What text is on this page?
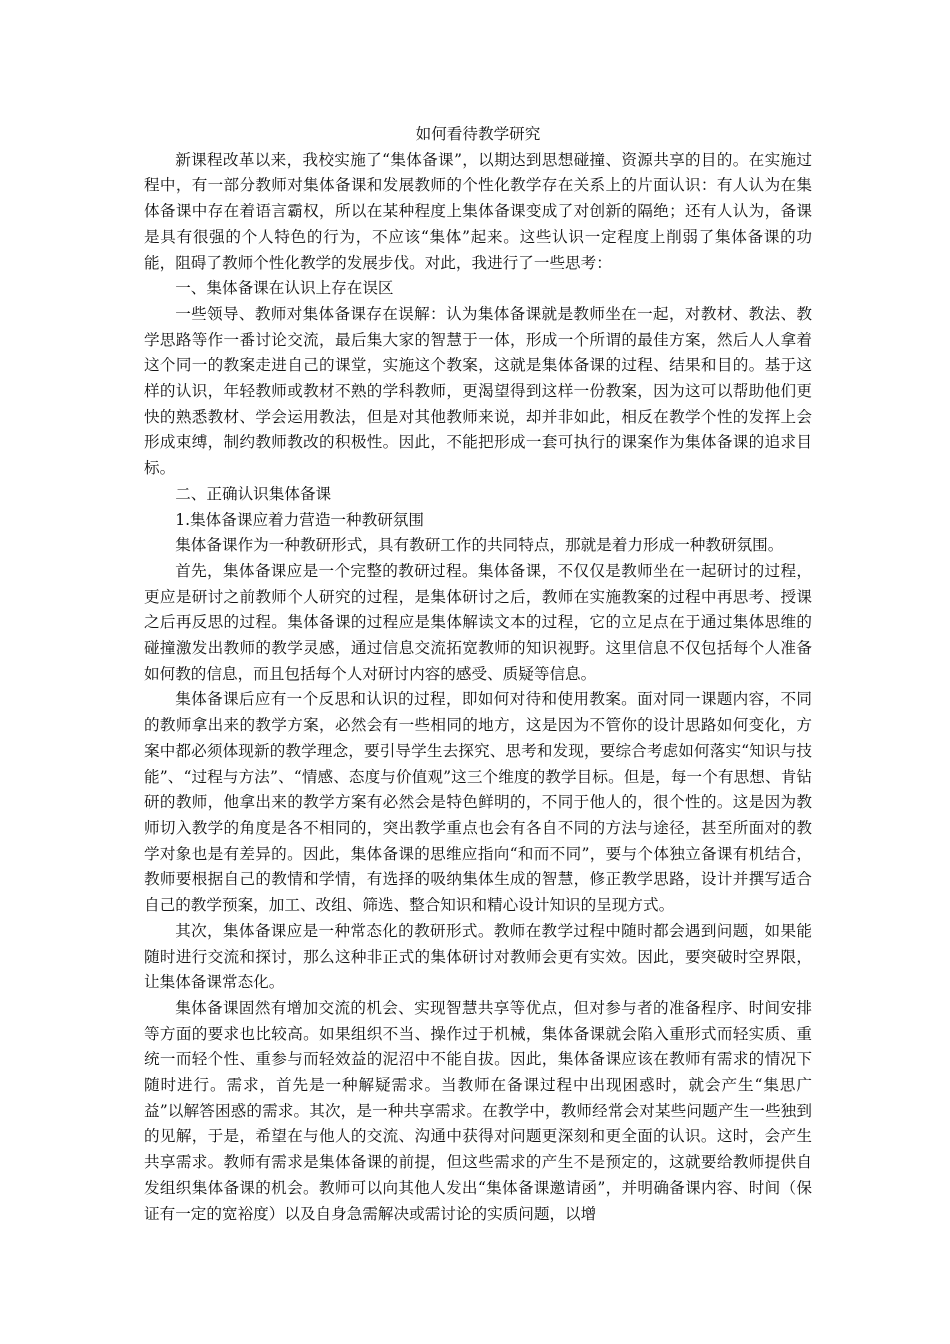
如何看待教学研究

新课程改革以来，我校实施了“集体备课”，以期达到思想碰撞、资源共享的目的。在实施过程中，有一部分教师对集体备课和发展教师的个性化教学存在关系上的片面认识：有人认为在集体备课中存在着语言霸权，所以在某种程度上集体备课变成了对创新的隔绝；还有人认为，备课是具有很强的个人特色的行为，不应该“集体”起来。这些认识一定程度上削弱了集体备课的功能，阻碍了教师个性化教学的发展步伐。对此，我进行了一些思考：

一、集体备课在认识上存在误区

一些领导、教师对集体备课存在误解：认为集体备课就是教师坐在一起，对教材、教法、教学思路等作一番讨论交流，最后集大家的智慧于一体，形成一个所谓的最佳方案，然后人人拿着这个同一的教案走进自己的课堂，实施这个教案，这就是集体备课的过程、结果和目的。基于这样的认识，年轻教师或教材不熟的学科教师，更渴望得到这样一份教案，因为这可以帮助他们更快的熟悉教材、学会运用教法，但是对其他教师来说，却并非如此，相反在教学个性的发挥上会形成束缚，制约教师教改的积极性。因此，不能把形成一套可执行的课案作为集体备课的追求目标。

二、正确认识集体备课

1.集体备课应着力营造一种教研氛围

集体备课作为一种教研形式，具有教研工作的共同特点，那就是着力形成一种教研氛围。

首先，集体备课应是一个完整的教研过程。集体备课，不仅仅是教师坐在一起研讨的过程，更应是研讨之前教师个人研究的过程，是集体研讨之后，教师在实施教案的过程中再思考、授课之后再反思的过程。集体备课的过程应是集体解读文本的过程，它的立足点在于通过集体思维的碰撞激发出教师的教学灵感，通过信息交流拓宽教师的知识视野。这里信息不仅包括每个人准备如何教的信息，而且包括每个人对研讨内容的感受、质疑等信息。

集体备课后应有一个反思和认识的过程，即如何对待和使用教案。面对同一课题内容，不同的教师拿出来的教学方案，必然会有一些相同的地方，这是因为不管你的设计思路如何变化，方案中都必须体现新的教学理念，要引导学生去探究、思考和发现，要综合考虑如何落实“知识与技能”、“过程与方法”、“情感、态度与价值观”这三个维度的教学目标。但是，每一个有思想、肯钻研的教师，他拿出来的教学方案有必然会是特色鲜明的，不同于他人的，很个性的。这是因为教师切入教学的角度是各不相同的，突出教学重点也会有各自不同的方法与途径，甚至所面对的教学对象也是有差异的。因此，集体备课的思维应指向“和而不同”，要与个体独立备课有机结合，教师要根据自己的教情和学情，有选择的吸纳集体生成的智慧，修正教学思路，设计并撰写适合自己的教学预案，加工、改组、筛选、整合知识和精心设计知识的呈现方式。

其次，集体备课应是一种常态化的教研形式。教师在教学过程中随时都会遇到问题，如果能随时进行交流和探讨，那么这种非正式的集体研讨对教师会更有实效。因此，要突破时空界限，让集体备课常态化。

集体备课固然有增加交流的机会、实现智慧共享等优点，但对参与者的准备程序、时间安排等方面的要求也比较高。如果组织不当、操作过于机械，集体备课就会陷入重形式而轻实质、重统一而轻个性、重参与而轻效益的泥沼中不能自拔。因此，集体备课应该在教师有需求的情况下随时进行。需求，首先是一种解疑需求。当教师在备课过程中出现困惑时，就会产生“集思广益”以解答困惑的需求。其次，是一种共享需求。在教学中，教师经常会对某些问题产生一些独到的见解，于是，希望在与他人的交流、沟通中获得对问题更深刻和更全面的认识。这时，会产生共享需求。教师有需求是集体备课的前提，但这些需求的产生不是预定的，这就要给教师提供自发组织集体备课的机会。教师可以向其他人发出“集体备课邀请函”，并明确备课内容、时间（保证有一定的宽裕度）以及自身急需解决或需讨论的实质问题，以增
